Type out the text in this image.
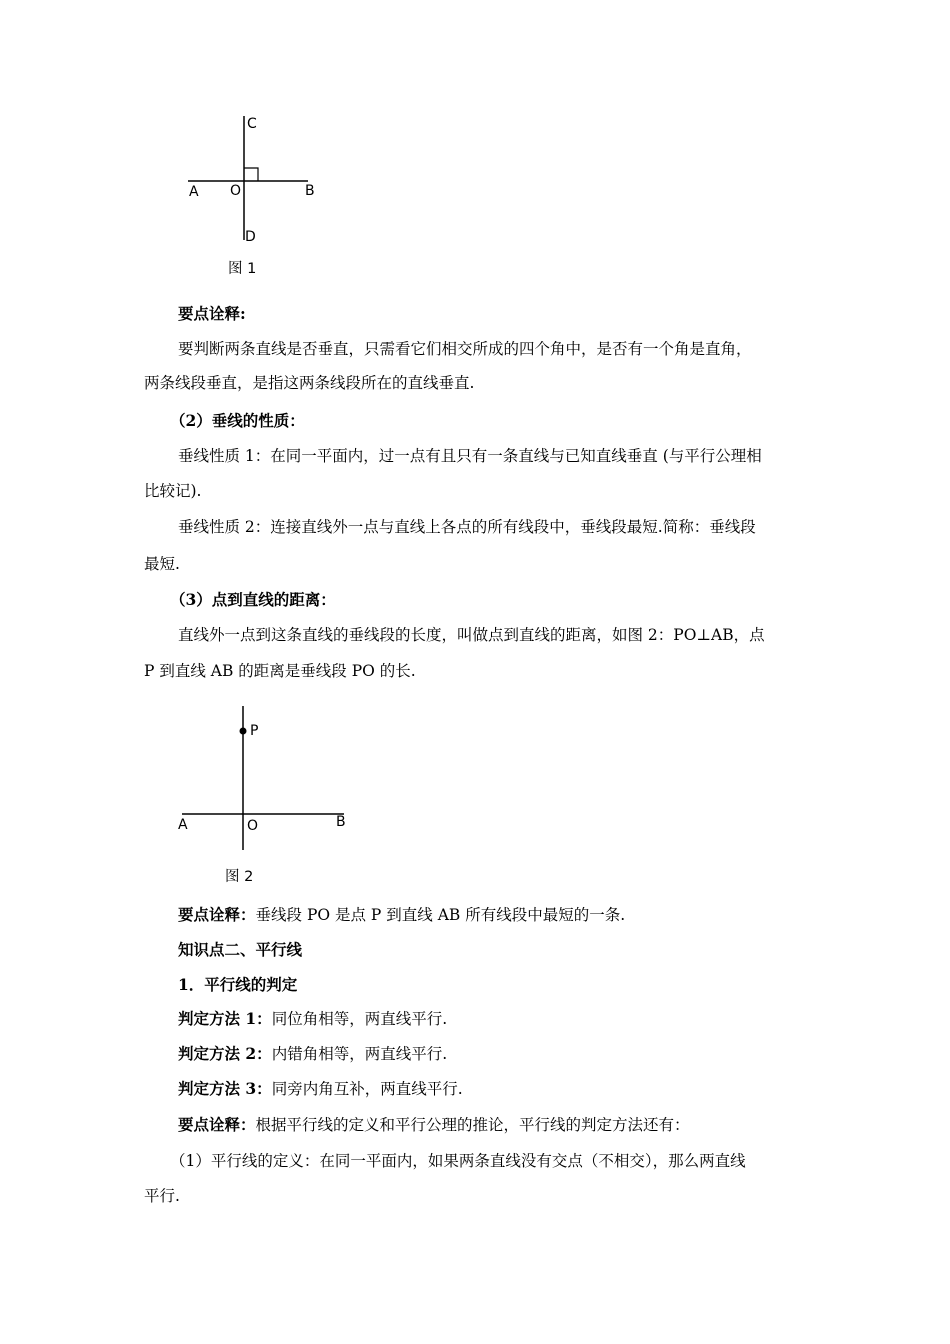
C
A O	B
D
图 1
要点诠释:
要判断两条直线是否垂直，只需看它们相交所成的四个角中，是否有一个角是直角，
两条线段垂直，是指这两条线段所在的直线垂直.
（2）垂线的性质：
垂线性质 1：在同一平面内，过一点有且只有一条直线与已知直线垂直 (与平行公理相
比较记).
垂线性质 2：连接直线外一点与直线上各点的所有线段中，垂线段最短.简称：垂线段
最短.
（3）点到直线的距离：
直线外一点到这条直线的垂线段的长度，叫做点到直线的距离，如图 2：PO⊥AB，点
P 到直线 AB 的距离是垂线段 PO 的长.
P
A	O	B
图 2
要点诠释：垂线段 PO 是点 P 到直线 AB 所有线段中最短的一条.
知识点二、平行线
1．平行线的判定
判定方法 1：同位角相等，两直线平行.
判定方法 2：内错角相等，两直线平行.
判定方法 3：同旁内角互补，两直线平行.
要点诠释：根据平行线的定义和平行公理的推论，平行线的判定方法还有：
（1）平行线的定义：在同一平面内，如果两条直线没有交点（不相交），那么两直线
平行.
